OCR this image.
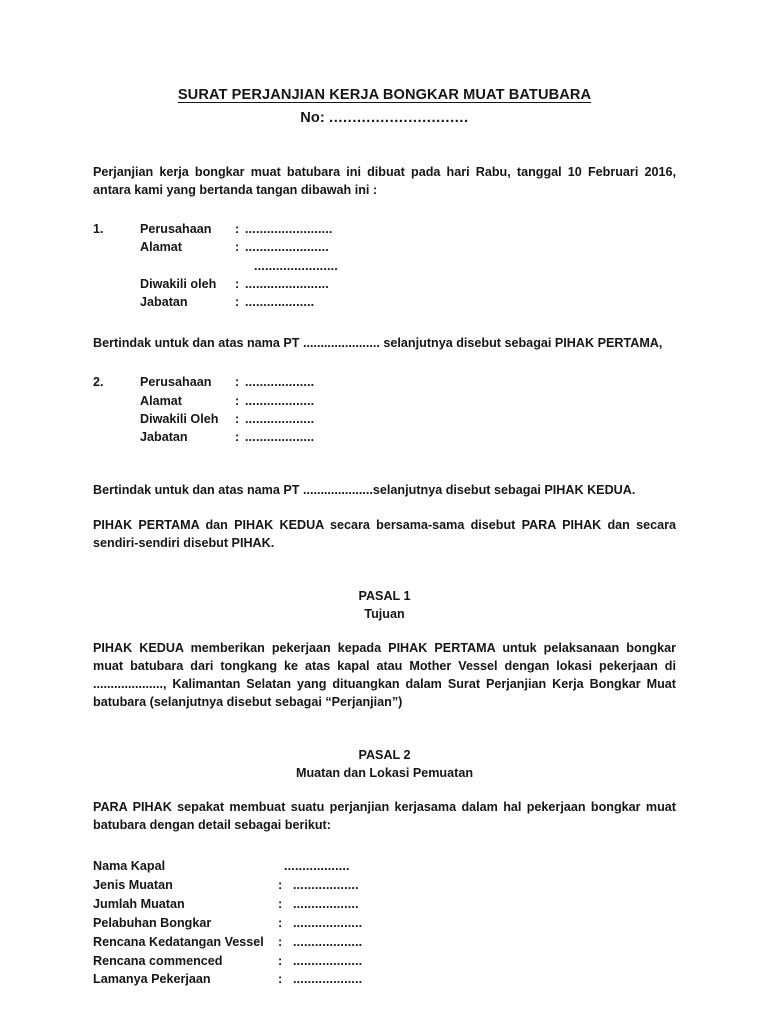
SURAT PERJANJIAN KERJA BONGKAR MUAT BATUBARA
No: ..............................

Perjanjian kerja bongkar muat batubara ini dibuat pada hari Rabu, tanggal 10 Februari 2016, antara kami yang bertanda tangan dibawah ini :

1.	Perusahaan	: ........................
Alamat	: .......................
.......................
Diwakili oleh	: .......................
Jabatan	: ...................

Bertindak untuk dan atas nama PT ...................... selanjutnya disebut sebagai PIHAK PERTAMA,

2.	Perusahaan	: ...................
Alamat	: ...................
Diwakili Oleh	: ...................
Jabatan	: ...................

Bertindak untuk dan atas nama PT ....................selanjutnya disebut sebagai PIHAK KEDUA.

PIHAK PERTAMA dan PIHAK KEDUA secara bersama-sama disebut PARA PIHAK dan secara sendiri-sendiri disebut PIHAK.

PASAL 1
Tujuan

PIHAK KEDUA memberikan pekerjaan kepada PIHAK PERTAMA untuk pelaksanaan bongkar muat batubara dari tongkang ke atas kapal atau Mother Vessel dengan lokasi pekerjaan di ...................., Kalimantan Selatan yang dituangkan dalam Surat Perjanjian Kerja Bongkar Muat batubara (selanjutnya disebut sebagai “Perjanjian”)

PASAL 2
Muatan dan Lokasi Pemuatan

PARA PIHAK sepakat membuat suatu perjanjian kerjasama dalam hal pekerjaan bongkar muat batubara dengan detail sebagai berikut:

Nama Kapal	..................
Jenis Muatan	: ..................
Jumlah Muatan	: ..................
Pelabuhan Bongkar	: ...................
Rencana Kedatangan Vessel	: ...................
Rencana commenced	: ...................
Lamanya Pekerjaan	: ...................
